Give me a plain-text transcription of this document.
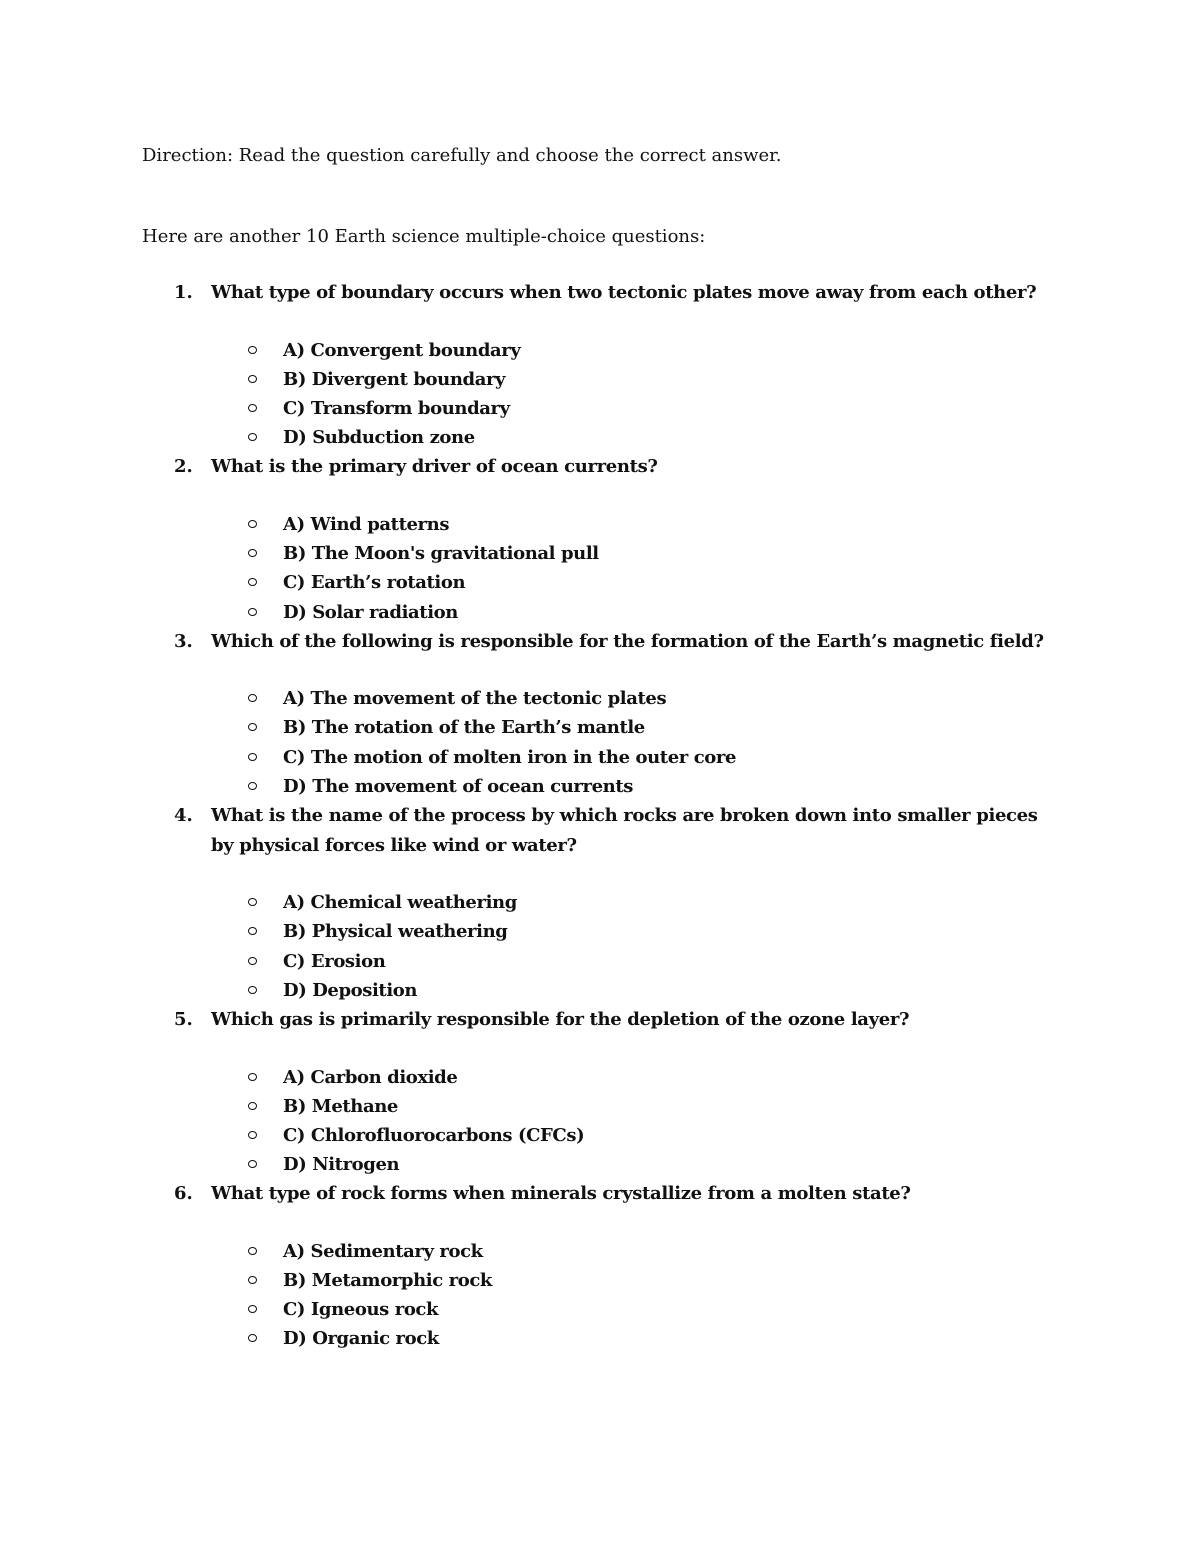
Direction: Read the question carefully and choose the correct answer.
Here are another 10 Earth science multiple-choice questions:
1. What type of boundary occurs when two tectonic plates move away from each other?
A) Convergent boundary
B) Divergent boundary
C) Transform boundary
D) Subduction zone
2. What is the primary driver of ocean currents?
A) Wind patterns
B) The Moon's gravitational pull
C) Earth’s rotation
D) Solar radiation
3. Which of the following is responsible for the formation of the Earth’s magnetic field?
A) The movement of the tectonic plates
B) The rotation of the Earth’s mantle
C) The motion of molten iron in the outer core
D) The movement of ocean currents
4. What is the name of the process by which rocks are broken down into smaller pieces by physical forces like wind or water?
A) Chemical weathering
B) Physical weathering
C) Erosion
D) Deposition
5. Which gas is primarily responsible for the depletion of the ozone layer?
A) Carbon dioxide
B) Methane
C) Chlorofluorocarbons (CFCs)
D) Nitrogen
6. What type of rock forms when minerals crystallize from a molten state?
A) Sedimentary rock
B) Metamorphic rock
C) Igneous rock
D) Organic rock
